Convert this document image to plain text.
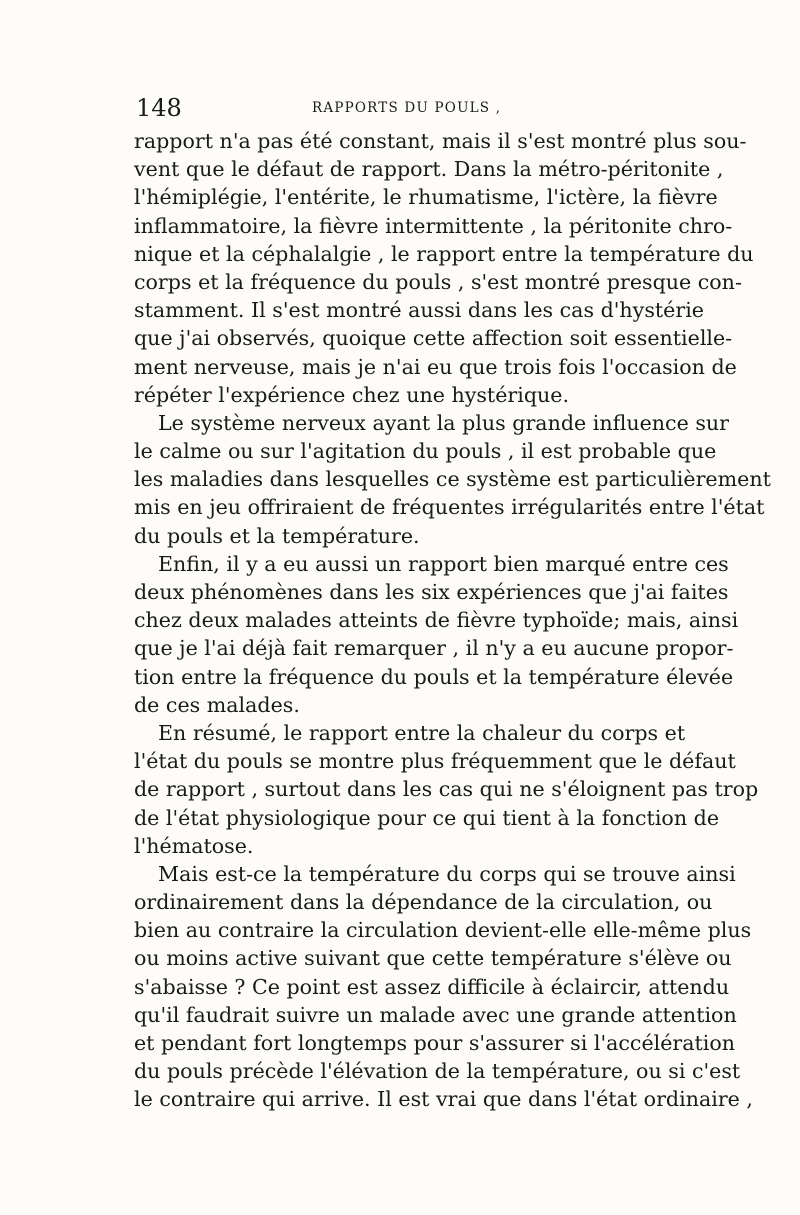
148	RAPPORTS DU POULS ,
rapport n'a pas été constant, mais il s'est montré plus sou-
vent que le défaut de rapport. Dans la métro-péritonite ,
l'hémiplégie, l'entérite, le rhumatisme, l'ictère, la fièvre
inflammatoire, la fièvre intermittente , la péritonite chro-
nique et la céphalalgie , le rapport entre la température du
corps et la fréquence du pouls , s'est montré presque con-
stamment. Il s'est montré aussi dans les cas d'hystérie
que j'ai observés, quoique cette affection soit essentielle-
ment nerveuse, mais je n'ai eu que trois fois l'occasion de
répéter l'expérience chez une hystérique.
Le système nerveux ayant la plus grande influence sur
le calme ou sur l'agitation du pouls , il est probable que
les maladies dans lesquelles ce système est particulièrement
mis en jeu offriraient de fréquentes irrégularités entre l'état
du pouls et la température.
Enfin, il y a eu aussi un rapport bien marqué entre ces
deux phénomènes dans les six expériences que j'ai faites
chez deux malades atteints de fièvre typhoïde; mais, ainsi
que je l'ai déjà fait remarquer , il n'y a eu aucune propor-
tion entre la fréquence du pouls et la température élevée
de ces malades.
En résumé, le rapport entre la chaleur du corps et
l'état du pouls se montre plus fréquemment que le défaut
de rapport , surtout dans les cas qui ne s'éloignent pas trop
de l'état physiologique pour ce qui tient à la fonction de
l'hématose.
Mais est-ce la température du corps qui se trouve ainsi
ordinairement dans la dépendance de la circulation, ou
bien au contraire la circulation devient-elle elle-même plus
ou moins active suivant que cette température s'élève ou
s'abaisse ? Ce point est assez difficile à éclaircir, attendu
qu'il faudrait suivre un malade avec une grande attention
et pendant fort longtemps pour s'assurer si l'accélération
du pouls précède l'élévation de la température, ou si c'est
le contraire qui arrive. Il est vrai que dans l'état ordinaire ,
